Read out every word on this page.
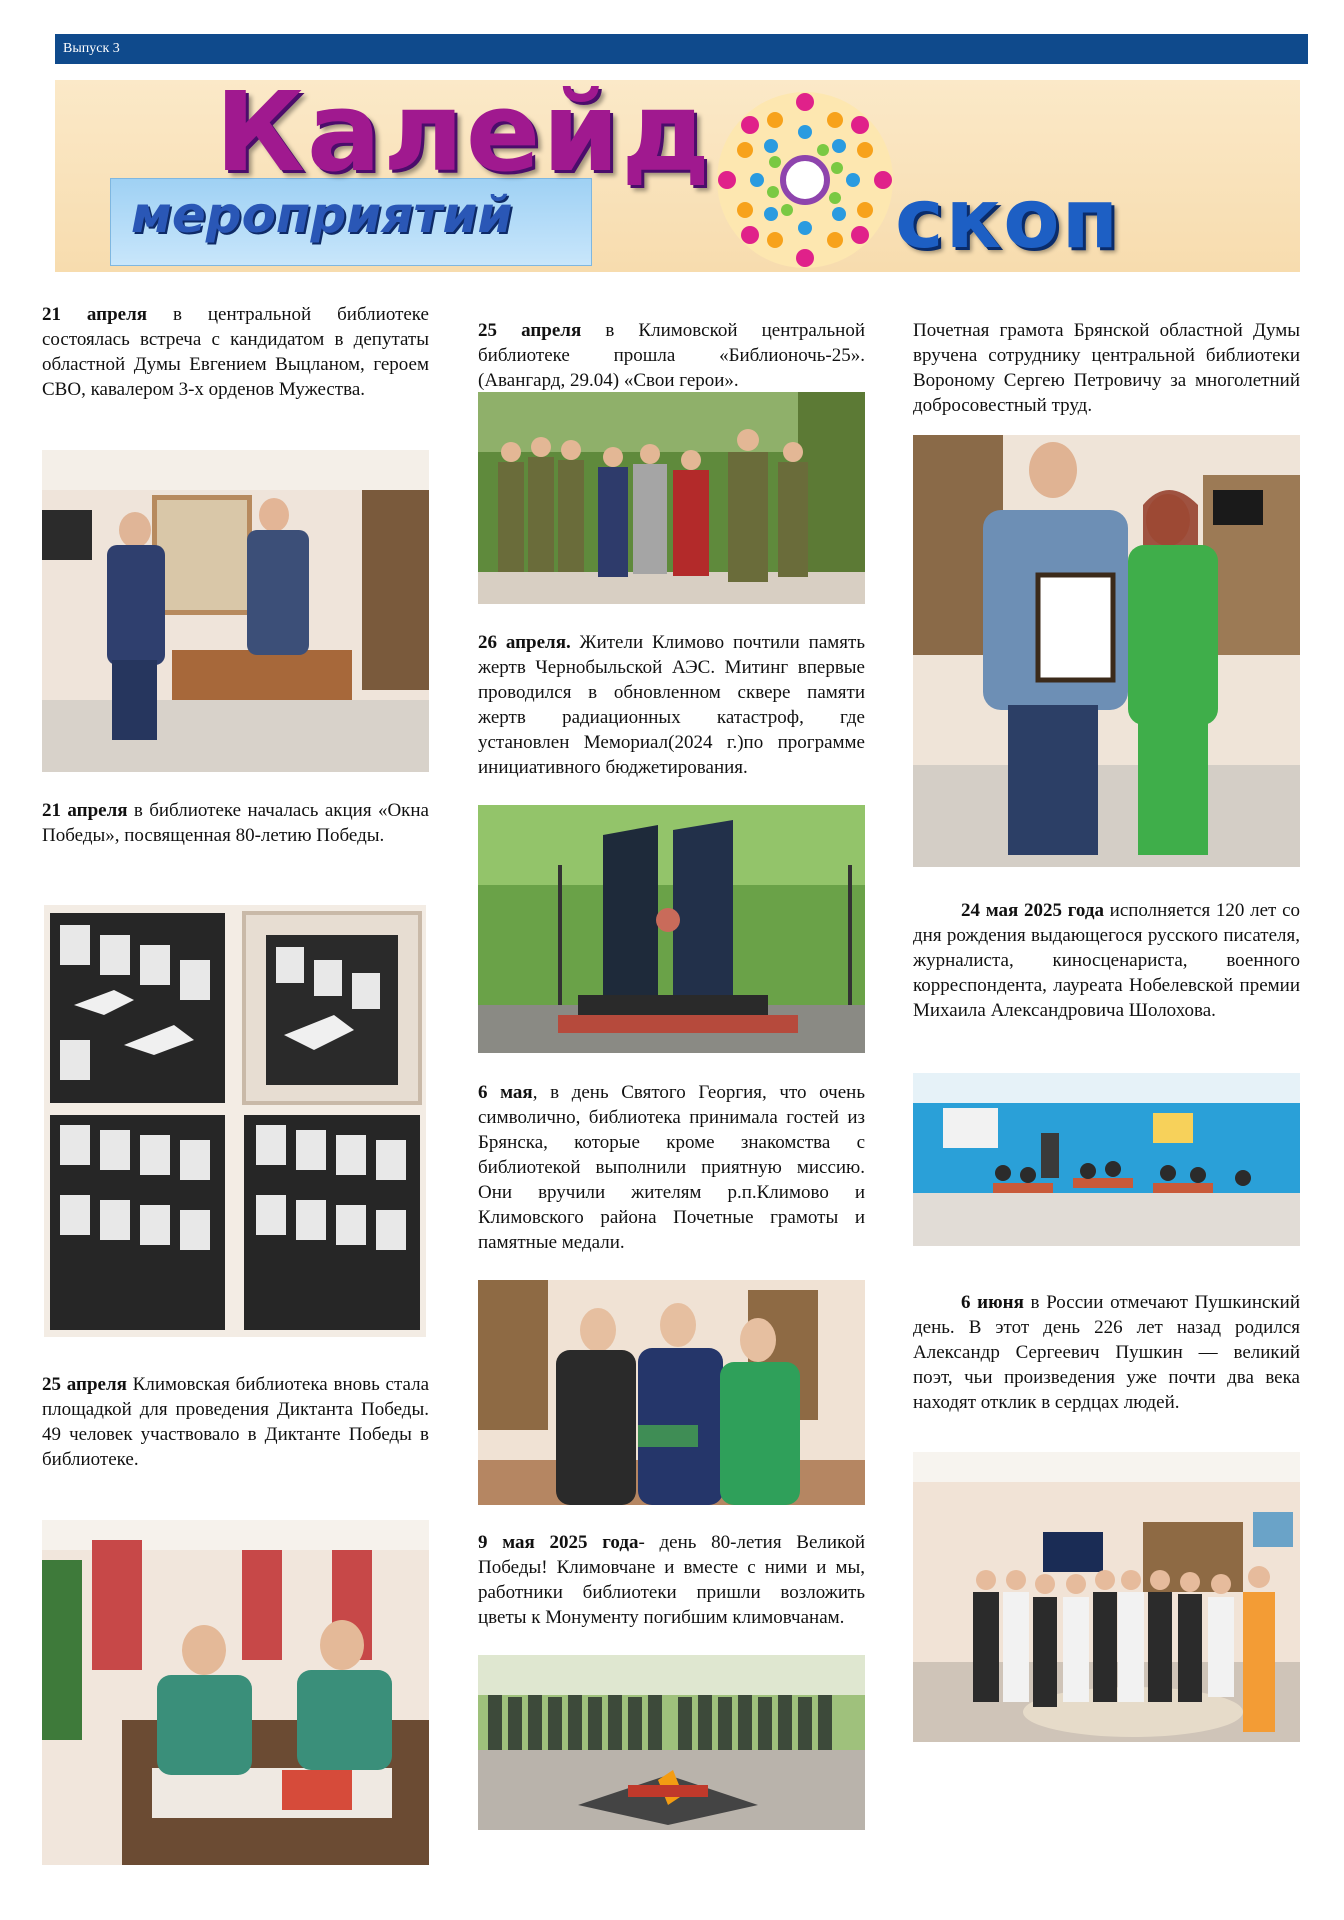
Выпуск 3
Калейд
мероприятий	скоп

21 апреля в центральной библиотеке состоялась встреча с кандидатом в депутаты областной Думы Евгением Выцланом, героем СВО, кавалером 3-х орденов Мужества.

21 апреля в библиотеке началась акция «Окна Победы», посвященная 80-летию Победы.

25 апреля Климовская библиотека вновь стала площадкой для проведения Диктанта Победы. 49 человек участвовало в Диктанте Победы в библиотеке.

25 апреля в Климовской центральной библиотеке прошла «Библионочь-25». (Авангард, 29.04) «Свои герои».

26 апреля. Жители Климово почтили память жертв Чернобыльской АЭС. Митинг впервые проводился в обновленном сквере памяти жертв радиационных катастроф, где установлен Мемориал(2024 г.)по программе инициативного бюджетирования.

6 мая, в день Святого Георгия, что очень символично, библиотека принимала гостей из Брянска, которые кроме знакомства с библиотекой выполнили приятную миссию. Они вручили жителям р.п.Климово и Климовского района Почетные грамоты и памятные медали.

9 мая 2025 года- день 80-летия Великой Победы! Климовчане и вместе с ними и мы, работники библиотеки пришли возложить цветы к Монументу погибшим климовчанам.

Почетная грамота Брянской областной Думы вручена сотруднику центральной библиотеки Вороному Сергею Петровичу за многолетний добросовестный труд.

24 мая 2025 года исполняется 120 лет со дня рождения выдающегося русского писателя, журналиста, киносценариста, военного корреспондента, лауреата Нобелевской премии Михаила Александровича Шолохова.

6 июня в России отмечают Пушкинский день. В этот день 226 лет назад родился Александр Сергеевич Пушкин — великий поэт, чьи произведения уже почти два века находят отклик в сердцах людей.
